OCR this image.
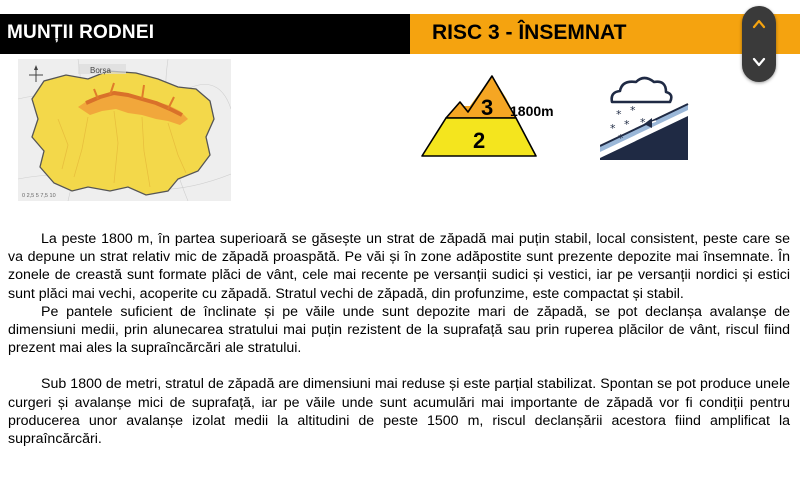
MUNȚII RODNEI	RISC 3 - ÎNSEMNAT
Borșa
0 2,5 5 7,5 10
3
2
1800m	* *
* * *
*

La peste 1800 m, în partea superioară se găsește un strat de zăpadă mai puțin stabil, local consistent, peste care se va depune un strat relativ mic de zăpadă proaspătă. Pe văi și în zone adăpostite sunt prezente depozite mai însemnate. În zonele de creastă sunt formate plăci de vânt, cele mai recente pe versanții sudici și vestici, iar pe versanții nordici și estici sunt plăci mai vechi, acoperite cu zăpadă. Stratul vechi de zăpadă, din profunzime, este compactat și stabil.

Pe pantele suficient de înclinate și pe văile unde sunt depozite mari de zăpadă, se pot declanșa avalanșe de dimensiuni medii, prin alunecarea stratului mai puțin rezistent de la suprafață sau prin ruperea plăcilor de vânt, riscul fiind prezent mai ales la supraîncărcări ale stratului.

Sub 1800 de metri, stratul de zăpadă are dimensiuni mai reduse și este parțial stabilizat. Spontan se pot produce unele curgeri și avalanșe mici de suprafață, iar pe văile unde sunt acumulări mai importante de zăpadă vor fi condiții pentru producerea unor avalanșe izolat medii la altitudini de peste 1500 m, riscul declanșării acestora fiind amplificat la supraîncărcări.
